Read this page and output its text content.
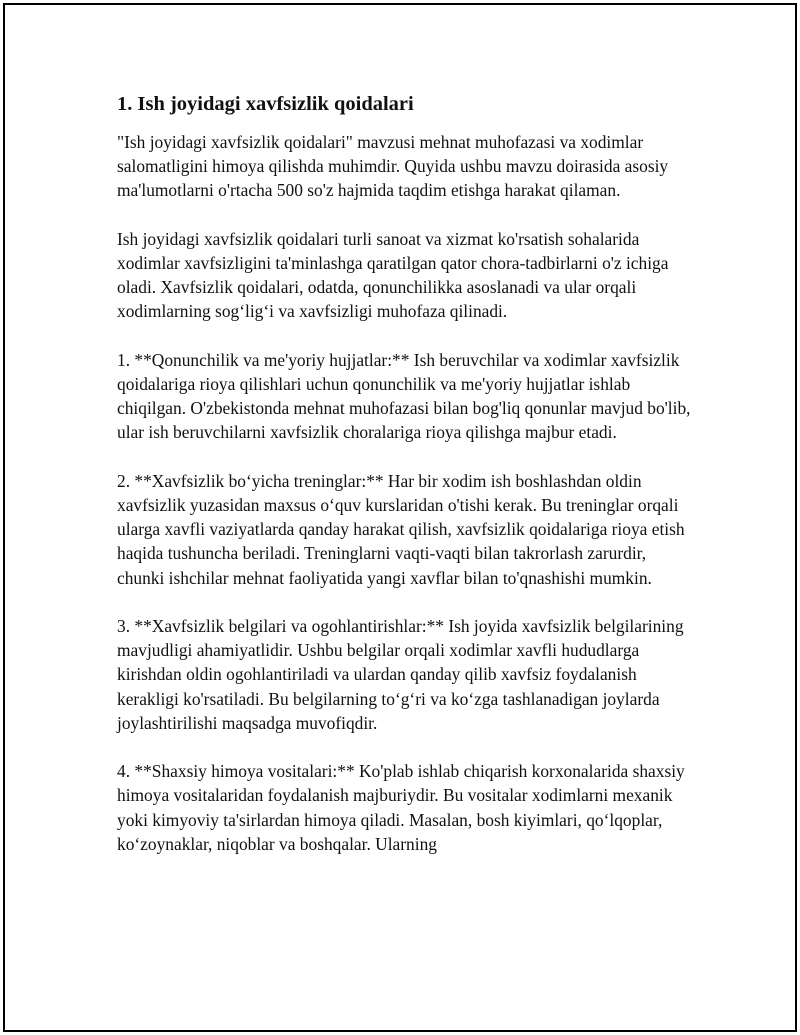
1. Ish joyidagi xavfsizlik qoidalari

"Ish joyidagi xavfsizlik qoidalari" mavzusi mehnat muhofazasi va xodimlar salomatligini himoya qilishda muhimdir. Quyida ushbu mavzu doirasida asosiy ma'lumotlarni o'rtacha 500 so'z hajmida taqdim etishga harakat qilaman.

Ish joyidagi xavfsizlik qoidalari turli sanoat va xizmat ko'rsatish sohalarida xodimlar xavfsizligini ta'minlashga qaratilgan qator chora-tadbirlarni o'z ichiga oladi. Xavfsizlik qoidalari, odatda, qonunchilikka asoslanadi va ular orqali xodimlarning sog‘lig‘i va xavfsizligi muhofaza qilinadi.

1. **Qonunchilik va me'yoriy hujjatlar:** Ish beruvchilar va xodimlar xavfsizlik qoidalariga rioya qilishlari uchun qonunchilik va me'yoriy hujjatlar ishlab chiqilgan. O'zbekistonda mehnat muhofazasi bilan bog'liq qonunlar mavjud bo'lib, ular ish beruvchilarni xavfsizlik choralariga rioya qilishga majbur etadi.

2. **Xavfsizlik bo‘yicha treninglar:** Har bir xodim ish boshlashdan oldin xavfsizlik yuzasidan maxsus o‘quv kurslaridan o'tishi kerak. Bu treninglar orqali ularga xavfli vaziyatlarda qanday harakat qilish, xavfsizlik qoidalariga rioya etish haqida tushuncha beriladi. Treninglarni vaqti-vaqti bilan takrorlash zarurdir, chunki ishchilar mehnat faoliyatida yangi xavflar bilan to'qnashishi mumkin.

3. **Xavfsizlik belgilari va ogohlantirishlar:** Ish joyida xavfsizlik belgilarining mavjudligi ahamiyatlidir. Ushbu belgilar orqali xodimlar xavfli hududlarga kirishdan oldin ogohlantiriladi va ulardan qanday qilib xavfsiz foydalanish kerakligi ko'rsatiladi. Bu belgilarning to‘g‘ri va ko‘zga tashlanadigan joylarda joylashtirilishi maqsadga muvofiqdir.

4. **Shaxsiy himoya vositalari:** Ko'plab ishlab chiqarish korxonalarida shaxsiy himoya vositalaridan foydalanish majburiydir. Bu vositalar xodimlarni mexanik yoki kimyoviy ta'sirlardan himoya qiladi. Masalan, bosh kiyimlari, qo‘lqoplar, ko‘zoynaklar, niqoblar va boshqalar. Ularning
